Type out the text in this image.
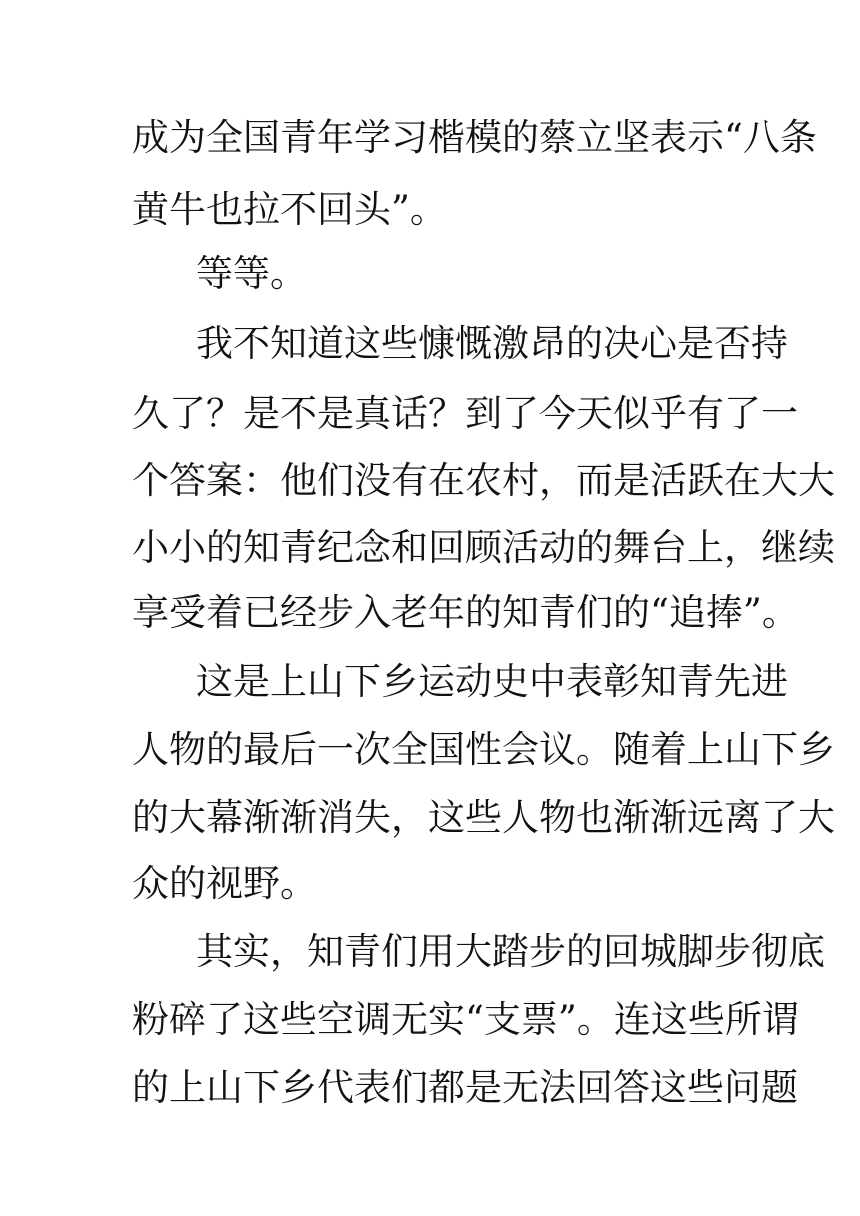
成为全国青年学习楷模的蔡立坚表示“八条
黄牛也拉不回头”。
等等。
我不知道这些慷慨激昂的决心是否持
久了？是不是真话？到了今天似乎有了一
个答案：他们没有在农村，而是活跃在大大
小小的知青纪念和回顾活动的舞台上，继续
享受着已经步入老年的知青们的“追捧”。
这是上山下乡运动史中表彰知青先进
人物的最后一次全国性会议。随着上山下乡
的大幕渐渐消失，这些人物也渐渐远离了大
众的视野。
其实，知青们用大踏步的回城脚步彻底
粉碎了这些空调无实“支票”。连这些所谓
的上山下乡代表们都是无法回答这些问题
